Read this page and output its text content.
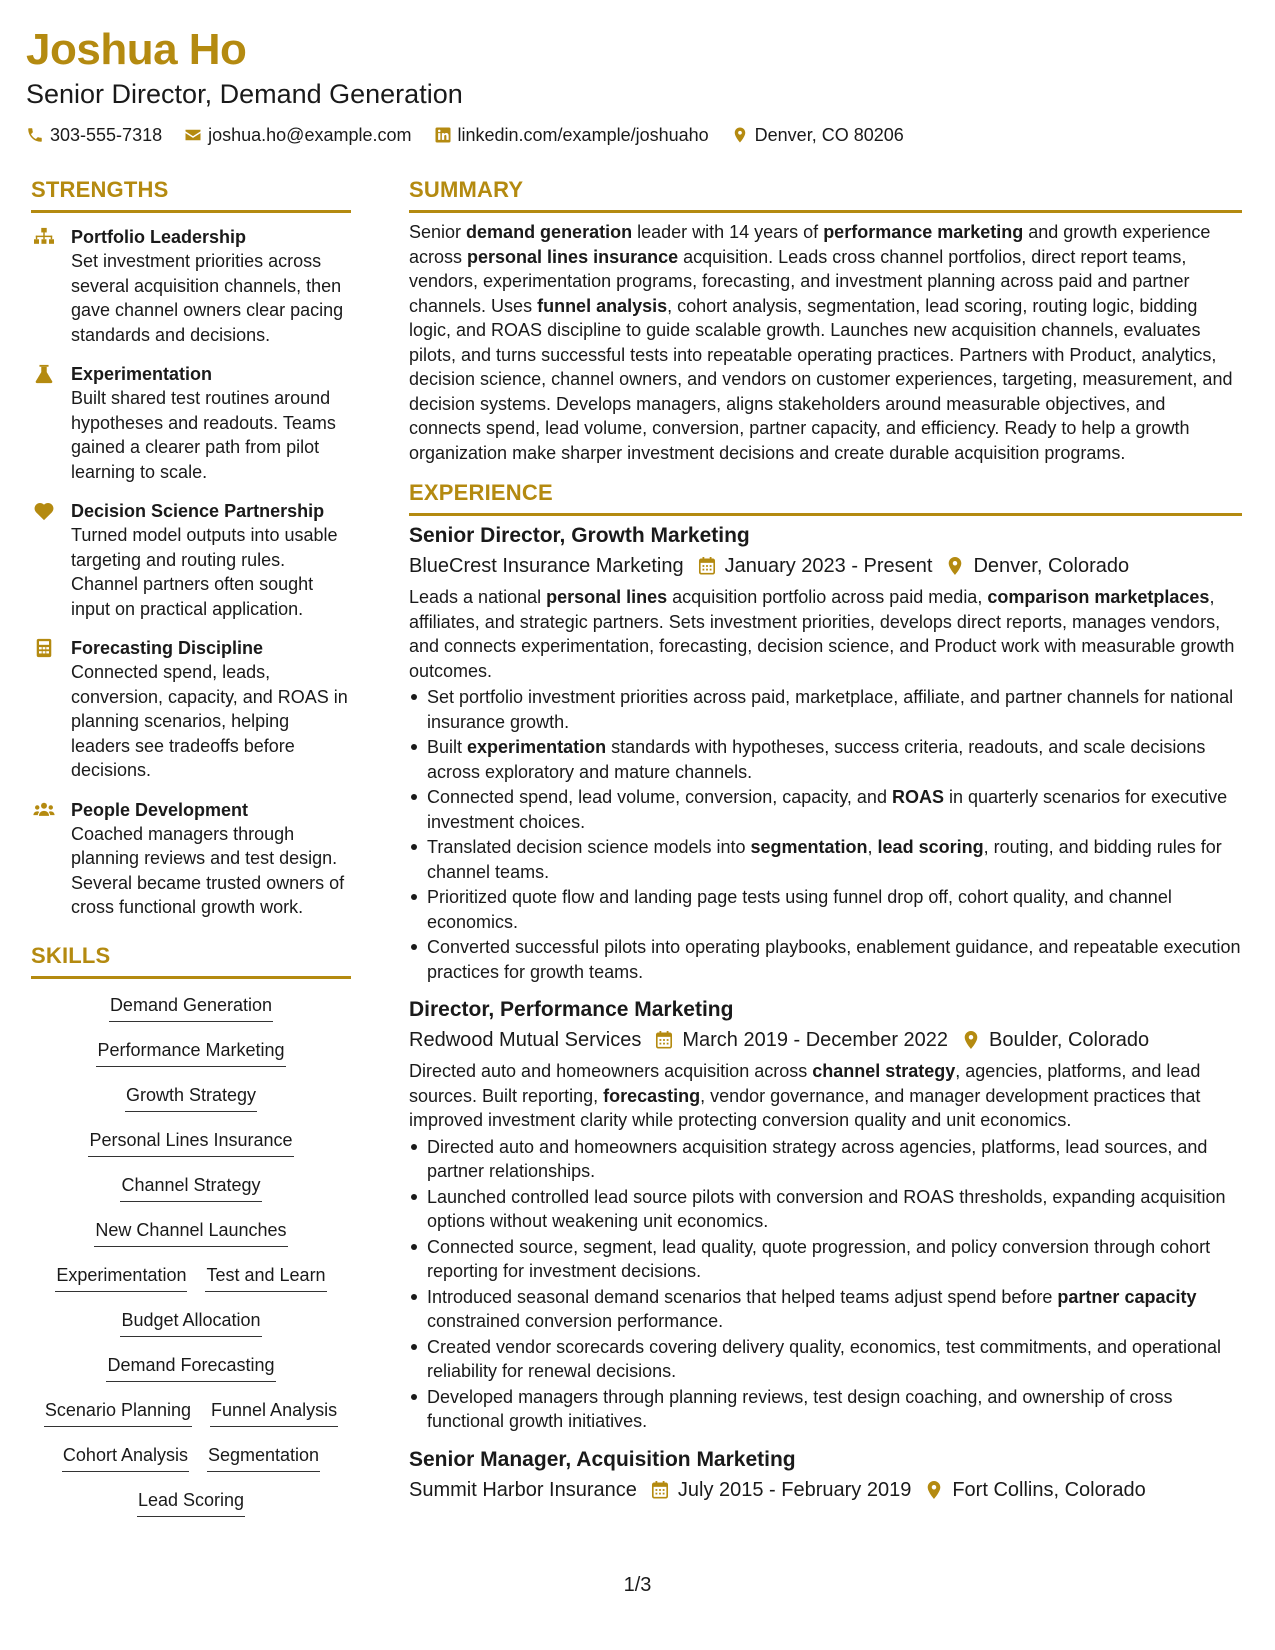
Joshua Ho
Senior Director, Demand Generation
303-555-7318	joshua.ho@example.com	linkedin.com/example/joshuaho	Denver, CO 80206
STRENGTHS
Portfolio Leadership
Set investment priorities across several acquisition channels, then gave channel owners clear pacing standards and decisions.
Experimentation
Built shared test routines around hypotheses and readouts. Teams gained a clearer path from pilot learning to scale.
Decision Science Partnership
Turned model outputs into usable targeting and routing rules. Channel partners often sought input on practical application.
Forecasting Discipline
Connected spend, leads, conversion, capacity, and ROAS in planning scenarios, helping leaders see tradeoffs before decisions.
People Development
Coached managers through planning reviews and test design. Several became trusted owners of cross functional growth work.
SKILLS
Demand Generation
Performance Marketing
Growth Strategy
Personal Lines Insurance
Channel Strategy
New Channel Launches
Experimentation Test and Learn
Budget Allocation
Demand Forecasting
Scenario Planning Funnel Analysis
Cohort Analysis Segmentation
Lead Scoring
SUMMARY
Senior demand generation leader with 14 years of performance marketing and growth experience across personal lines insurance acquisition. Leads cross channel portfolios, direct report teams, vendors, experimentation programs, forecasting, and investment planning across paid and partner channels. Uses funnel analysis, cohort analysis, segmentation, lead scoring, routing logic, bidding logic, and ROAS discipline to guide scalable growth. Launches new acquisition channels, evaluates pilots, and turns successful tests into repeatable operating practices. Partners with Product, analytics, decision science, channel owners, and vendors on customer experiences, targeting, measurement, and decision systems. Develops managers, aligns stakeholders around measurable objectives, and connects spend, lead volume, conversion, partner capacity, and efficiency. Ready to help a growth organization make sharper investment decisions and create durable acquisition programs.
EXPERIENCE
Senior Director, Growth Marketing
BlueCrest Insurance Marketing January 2023 - Present Denver, Colorado
Leads a national personal lines acquisition portfolio across paid media, comparison marketplaces, affiliates, and strategic partners. Sets investment priorities, develops direct reports, manages vendors, and connects experimentation, forecasting, decision science, and Product work with measurable growth outcomes.
Set portfolio investment priorities across paid, marketplace, affiliate, and partner channels for national insurance growth.
Built experimentation standards with hypotheses, success criteria, readouts, and scale decisions across exploratory and mature channels.
Connected spend, lead volume, conversion, capacity, and ROAS in quarterly scenarios for executive investment choices.
Translated decision science models into segmentation, lead scoring, routing, and bidding rules for channel teams.
Prioritized quote flow and landing page tests using funnel drop off, cohort quality, and channel economics.
Converted successful pilots into operating playbooks, enablement guidance, and repeatable execution practices for growth teams.
Director, Performance Marketing
Redwood Mutual Services March 2019 - December 2022 Boulder, Colorado
Directed auto and homeowners acquisition across channel strategy, agencies, platforms, and lead sources. Built reporting, forecasting, vendor governance, and manager development practices that improved investment clarity while protecting conversion quality and unit economics.
Directed auto and homeowners acquisition strategy across agencies, platforms, lead sources, and partner relationships.
Launched controlled lead source pilots with conversion and ROAS thresholds, expanding acquisition options without weakening unit economics.
Connected source, segment, lead quality, quote progression, and policy conversion through cohort reporting for investment decisions.
Introduced seasonal demand scenarios that helped teams adjust spend before partner capacity constrained conversion performance.
Created vendor scorecards covering delivery quality, economics, test commitments, and operational reliability for renewal decisions.
Developed managers through planning reviews, test design coaching, and ownership of cross functional growth initiatives.
Senior Manager, Acquisition Marketing
Summit Harbor Insurance July 2015 - February 2019 Fort Collins, Colorado
1/3
